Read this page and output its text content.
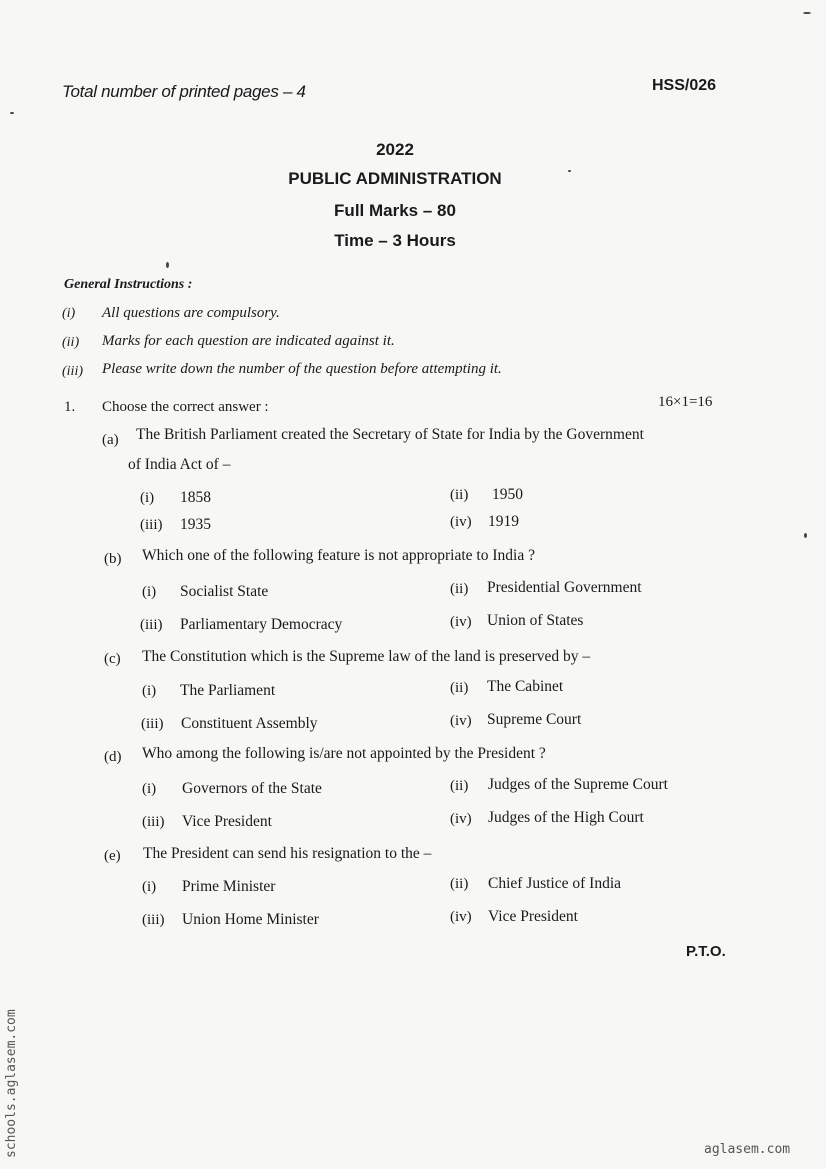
Total number of printed pages – 4	HSS/026
2022
PUBLIC ADMINISTRATION
Full Marks – 80
Time – 3 Hours
General Instructions :
(i) All questions are compulsory.
(ii) Marks for each question are indicated against it.
(iii) Please write down the number of the question before attempting it.
1. Choose the correct answer :	16×1=16
(a) The British Parliament created the Secretary of State for India by the Government
of India Act of –
(i) 1858	(ii) 1950
(iii) 1935	(iv) 1919
(b) Which one of the following feature is not appropriate to India ?
(i) Socialist State	(ii) Presidential Government
(iii) Parliamentary Democracy	(iv) Union of States
(c) The Constitution which is the Supreme law of the land is preserved by –
(i) The Parliament	(ii) The Cabinet
(iii) Constituent Assembly	(iv) Supreme Court
(d) Who among the following is/are not appointed by the President ?
(i) Governors of the State	(ii) Judges of the Supreme Court
(iii) Vice President	(iv) Judges of the High Court
(e) The President can send his resignation to the –
(i) Prime Minister	(ii) Chief Justice of India
(iii) Union Home Minister	(iv) Vice President
P.T.O.
schools.aglasem.com	aglasem.com
